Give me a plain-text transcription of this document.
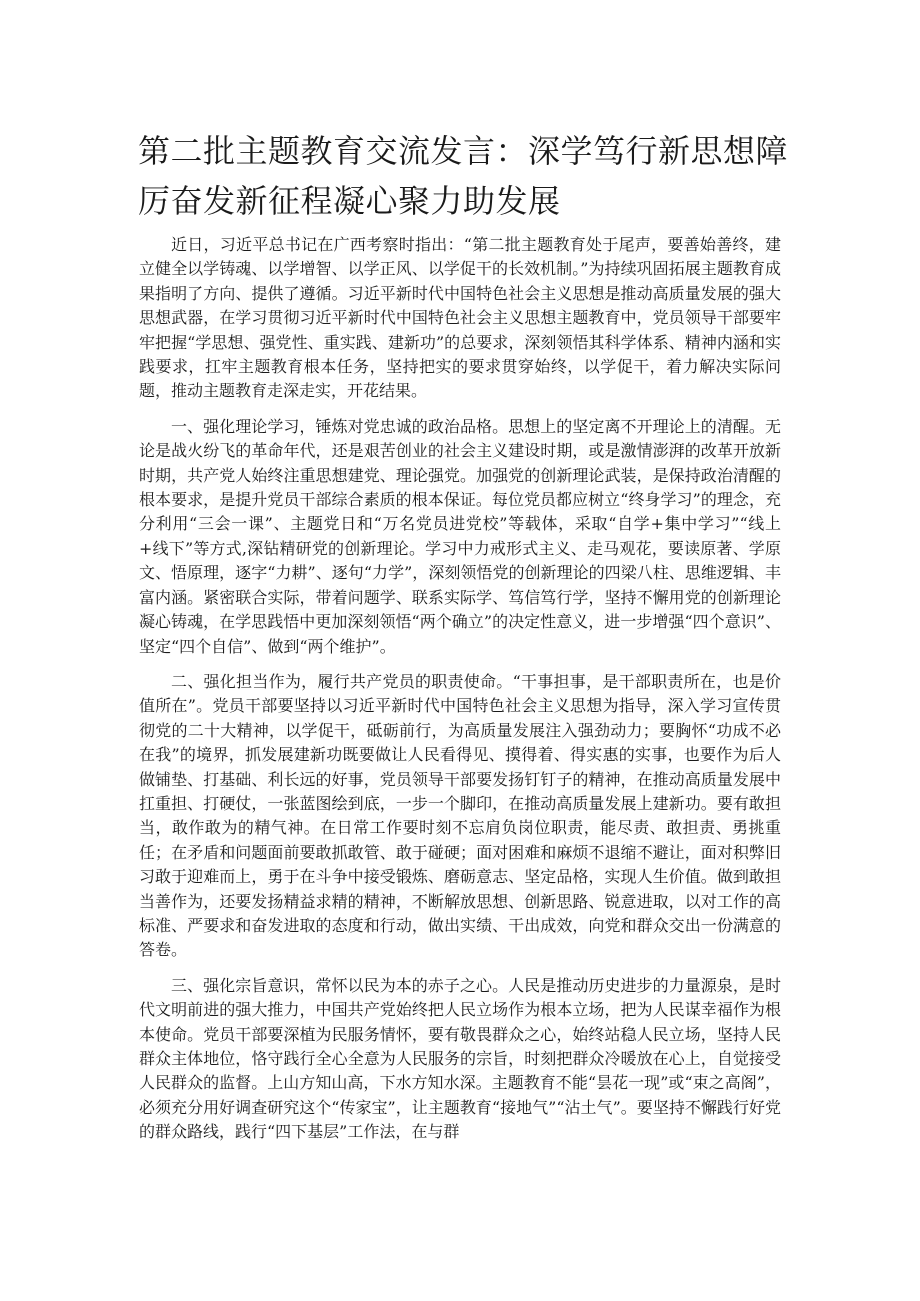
第二批主题教育交流发言：深学笃行新思想障厉奋发新征程凝心聚力助发展

近日，习近平总书记在广西考察时指出：“第二批主题教育处于尾声，要善始善终，建立健全以学铸魂、以学增智、以学正风、以学促干的长效机制。”为持续巩固拓展主题教育成果指明了方向、提供了遵循。习近平新时代中国特色社会主义思想是推动高质量发展的强大思想武器，在学习贯彻习近平新时代中国特色社会主义思想主题教育中，党员领导干部要牢牢把握“学思想、强党性、重实践、建新功”的总要求，深刻领悟其科学体系、精神内涵和实践要求，扛牢主题教育根本任务，坚持把实的要求贯穿始终，以学促干，着力解决实际问题，推动主题教育走深走实，开花结果。

一、强化理论学习，锤炼对党忠诚的政治品格。思想上的坚定离不开理论上的清醒。无论是战火纷飞的革命年代，还是艰苦创业的社会主义建设时期，或是激情澎湃的改革开放新时期，共产党人始终注重思想建党、理论强党。加强党的创新理论武装，是保持政治清醒的根本要求，是提升党员干部综合素质的根本保证。每位党员都应树立“终身学习”的理念，充分利用“三会一课”、主题党日和“万名党员进党校”等载体，采取“自学+集中学习”“线上+线下”等方式,深钻精研党的创新理论。学习中力戒形式主义、走马观花，要读原著、学原文、悟原理，逐字“力耕”、逐句“力学”，深刻领悟党的创新理论的四梁八柱、思维逻辑、丰富内涵。紧密联合实际，带着问题学、联系实际学、笃信笃行学，坚持不懈用党的创新理论凝心铸魂，在学思践悟中更加深刻领悟“两个确立”的决定性意义，进一步增强“四个意识”、坚定“四个自信”、做到“两个维护”。

二、强化担当作为，履行共产党员的职责使命。“干事担事，是干部职责所在，也是价值所在”。党员干部要坚持以习近平新时代中国特色社会主义思想为指导，深入学习宣传贯彻党的二十大精神，以学促干，砥砺前行，为高质量发展注入强劲动力；要胸怀“功成不必在我”的境界，抓发展建新功既要做让人民看得见、摸得着、得实惠的实事，也要作为后人做铺垫、打基础、利长远的好事，党员领导干部要发扬钉钉子的精神，在推动高质量发展中扛重担、打硬仗，一张蓝图绘到底，一步一个脚印，在推动高质量发展上建新功。要有敢担当，敢作敢为的精气神。在日常工作要时刻不忘肩负岗位职责，能尽责、敢担责、勇挑重任；在矛盾和问题面前要敢抓敢管、敢于碰硬；面对困难和麻烦不退缩不避让，面对积弊旧习敢于迎难而上，勇于在斗争中接受锻炼、磨砺意志、坚定品格，实现人生价值。做到敢担当善作为，还要发扬精益求精的精神，不断解放思想、创新思路、锐意进取，以对工作的高标准、严要求和奋发进取的态度和行动，做出实绩、干出成效，向党和群众交出一份满意的答卷。

三、强化宗旨意识，常怀以民为本的赤子之心。人民是推动历史进步的力量源泉，是时代文明前进的强大推力，中国共产党始终把人民立场作为根本立场，把为人民谋幸福作为根本使命。党员干部要深植为民服务情怀，要有敬畏群众之心，始终站稳人民立场，坚持人民群众主体地位，恪守践行全心全意为人民服务的宗旨，时刻把群众冷暖放在心上，自觉接受人民群众的监督。上山方知山高，下水方知水深。主题教育不能“昙花一现”或“束之高阁”，必须充分用好调查研究这个“传家宝”，让主题教育“接地气”“沾土气”。要坚持不懈践行好党的群众路线，践行“四下基层”工作法，在与群
